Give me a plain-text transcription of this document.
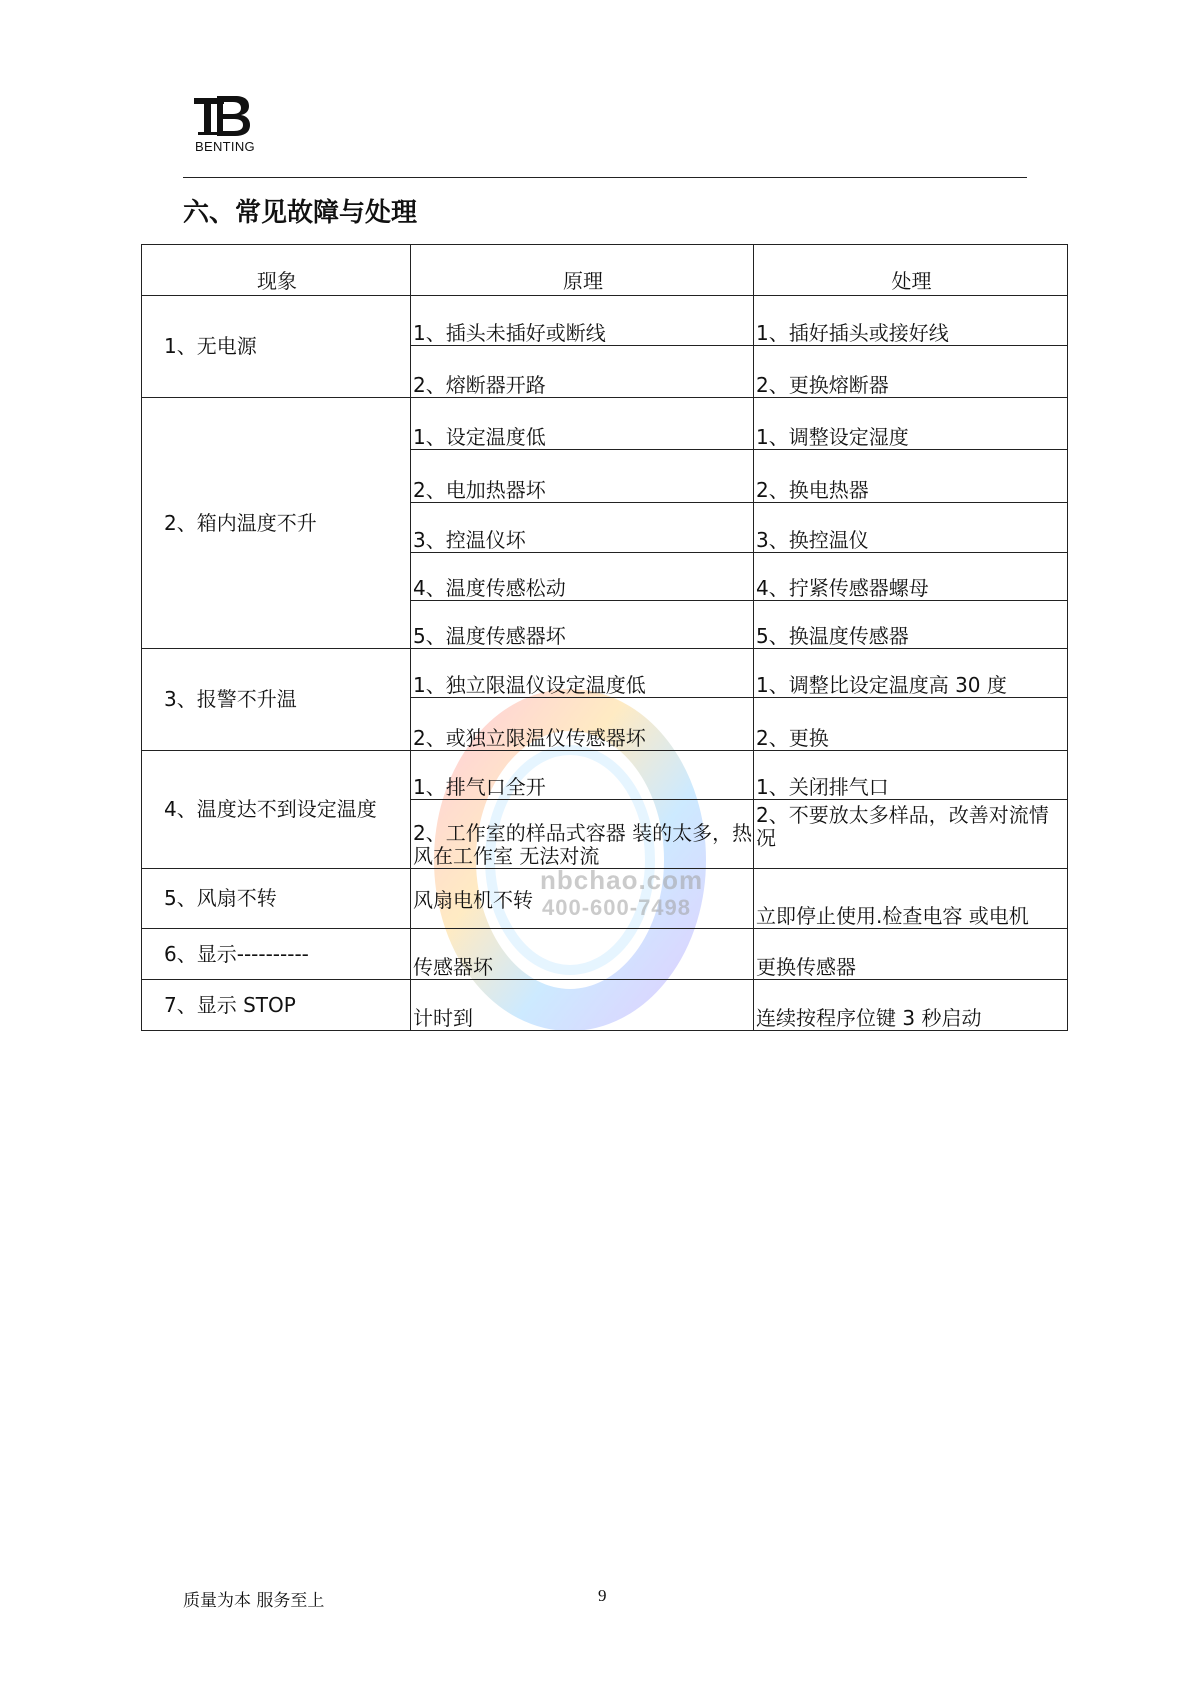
BENTING
六、常见故障与处理
nbchao.com
400-600-7498
现象	原理	处理
1、无电源	1、插头未插好或断线	1、插好插头或接好线
	2、熔断器开路	2、更换熔断器
2、箱内温度不升	1、设定温度低	1、调整设定湿度
	2、电加热器坏	2、换电热器
	3、控温仪坏	3、换控温仪
	4、温度传感松动	4、拧紧传感器螺母
	5、温度传感器坏	5、换温度传感器
3、报警不升温	1、独立限温仪设定温度低	1、调整比设定温度高 30 度
	2、或独立限温仪传感器坏	2、更换
4、温度达不到设定温度	1、排气口全开	1、关闭排气口
	2、工作室的样品式容器 装的太多，热风在工作室 无法对流	2、不要放太多样品，改善对流情况
5、风扇不转	风扇电机不转	立即停止使用.检查电容 或电机
6、显示----------	传感器坏	更换传感器
7、显示 STOP	计时到	连续按程序位键 3 秒启动
质量为本 服务至上	9
